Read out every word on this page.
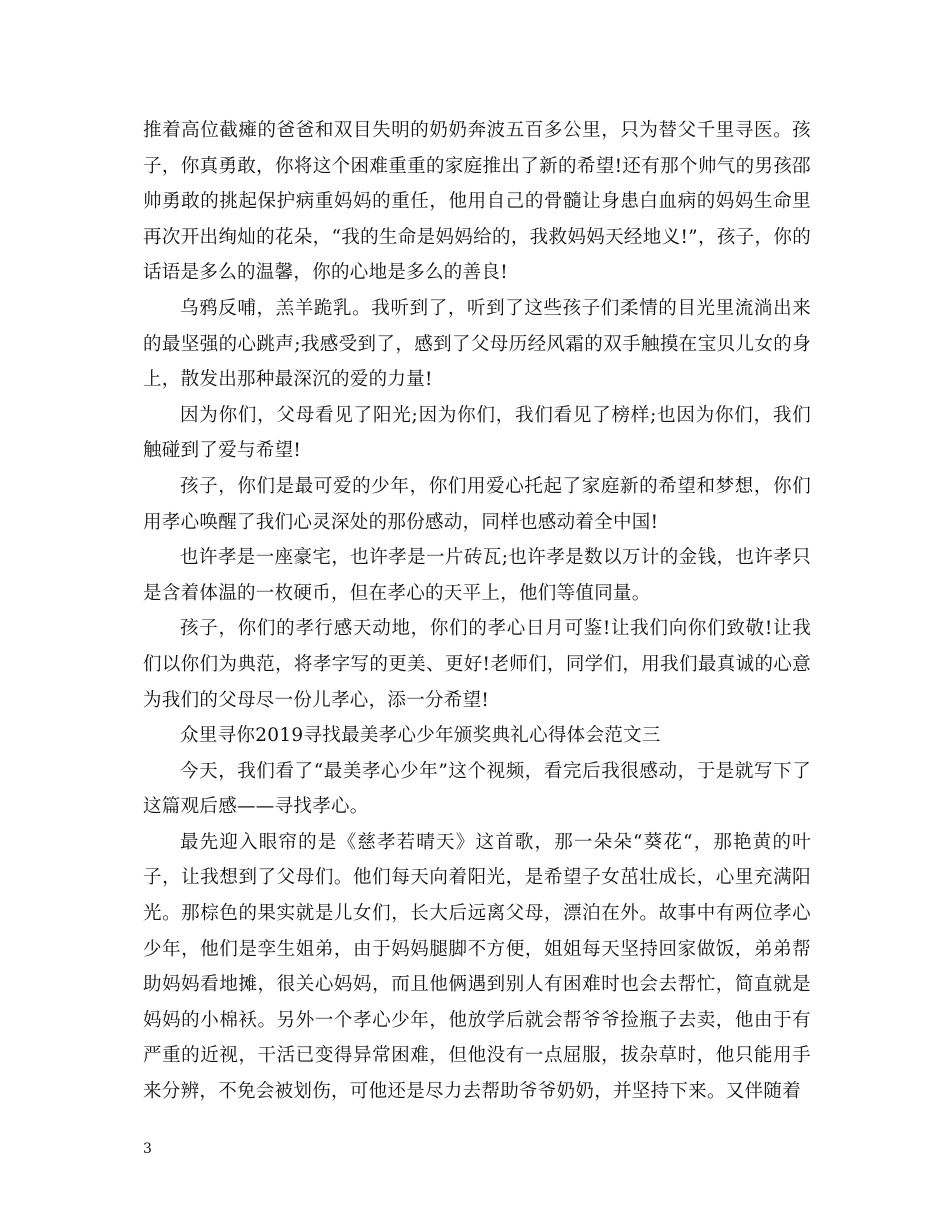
推着高位截瘫的爸爸和双目失明的奶奶奔波五百多公里，只为替父千里寻医。孩子，你真勇敢，你将这个困难重重的家庭推出了新的希望!还有那个帅气的男孩邵帅勇敢的挑起保护病重妈妈的重任，他用自己的骨髓让身患白血病的妈妈生命里再次开出绚灿的花朵，“我的生命是妈妈给的，我救妈妈天经地义!”，孩子，你的话语是多么的温馨，你的心地是多么的善良!

乌鸦反哺，羔羊跪乳。我听到了，听到了这些孩子们柔情的目光里流淌出来的最坚强的心跳声;我感受到了，感到了父母历经风霜的双手触摸在宝贝儿女的身上，散发出那种最深沉的爱的力量!

因为你们，父母看见了阳光;因为你们，我们看见了榜样;也因为你们，我们触碰到了爱与希望!

孩子，你们是最可爱的少年，你们用爱心托起了家庭新的希望和梦想，你们用孝心唤醒了我们心灵深处的那份感动，同样也感动着全中国!

也许孝是一座豪宅，也许孝是一片砖瓦;也许孝是数以万计的金钱，也许孝只是含着体温的一枚硬币，但在孝心的天平上，他们等值同量。

孩子，你们的孝行感天动地，你们的孝心日月可鉴!让我们向你们致敬!让我们以你们为典范，将孝字写的更美、更好!老师们，同学们，用我们最真诚的心意为我们的父母尽一份儿孝心，添一分希望!

众里寻你2019寻找最美孝心少年颁奖典礼心得体会范文三

今天，我们看了“最美孝心少年”这个视频，看完后我很感动，于是就写下了这篇观后感——寻找孝心。

最先迎入眼帘的是《慈孝若晴天》这首歌，那一朵朵“葵花“，那艳黄的叶子，让我想到了父母们。他们每天向着阳光，是希望子女茁壮成长，心里充满阳光。那棕色的果实就是儿女们，长大后远离父母，漂泊在外。故事中有两位孝心少年，他们是孪生姐弟，由于妈妈腿脚不方便，姐姐每天坚持回家做饭，弟弟帮助妈妈看地摊，很关心妈妈，而且他俩遇到别人有困难时也会去帮忙，简直就是妈妈的小棉袄。另外一个孝心少年，他放学后就会帮爷爷捡瓶子去卖，他由于有严重的近视，干活已变得异常困难，但他没有一点屈服，拔杂草时，他只能用手来分辨，不免会被划伤，可他还是尽力去帮助爷爷奶奶，并坚持下来。又伴随着

3
